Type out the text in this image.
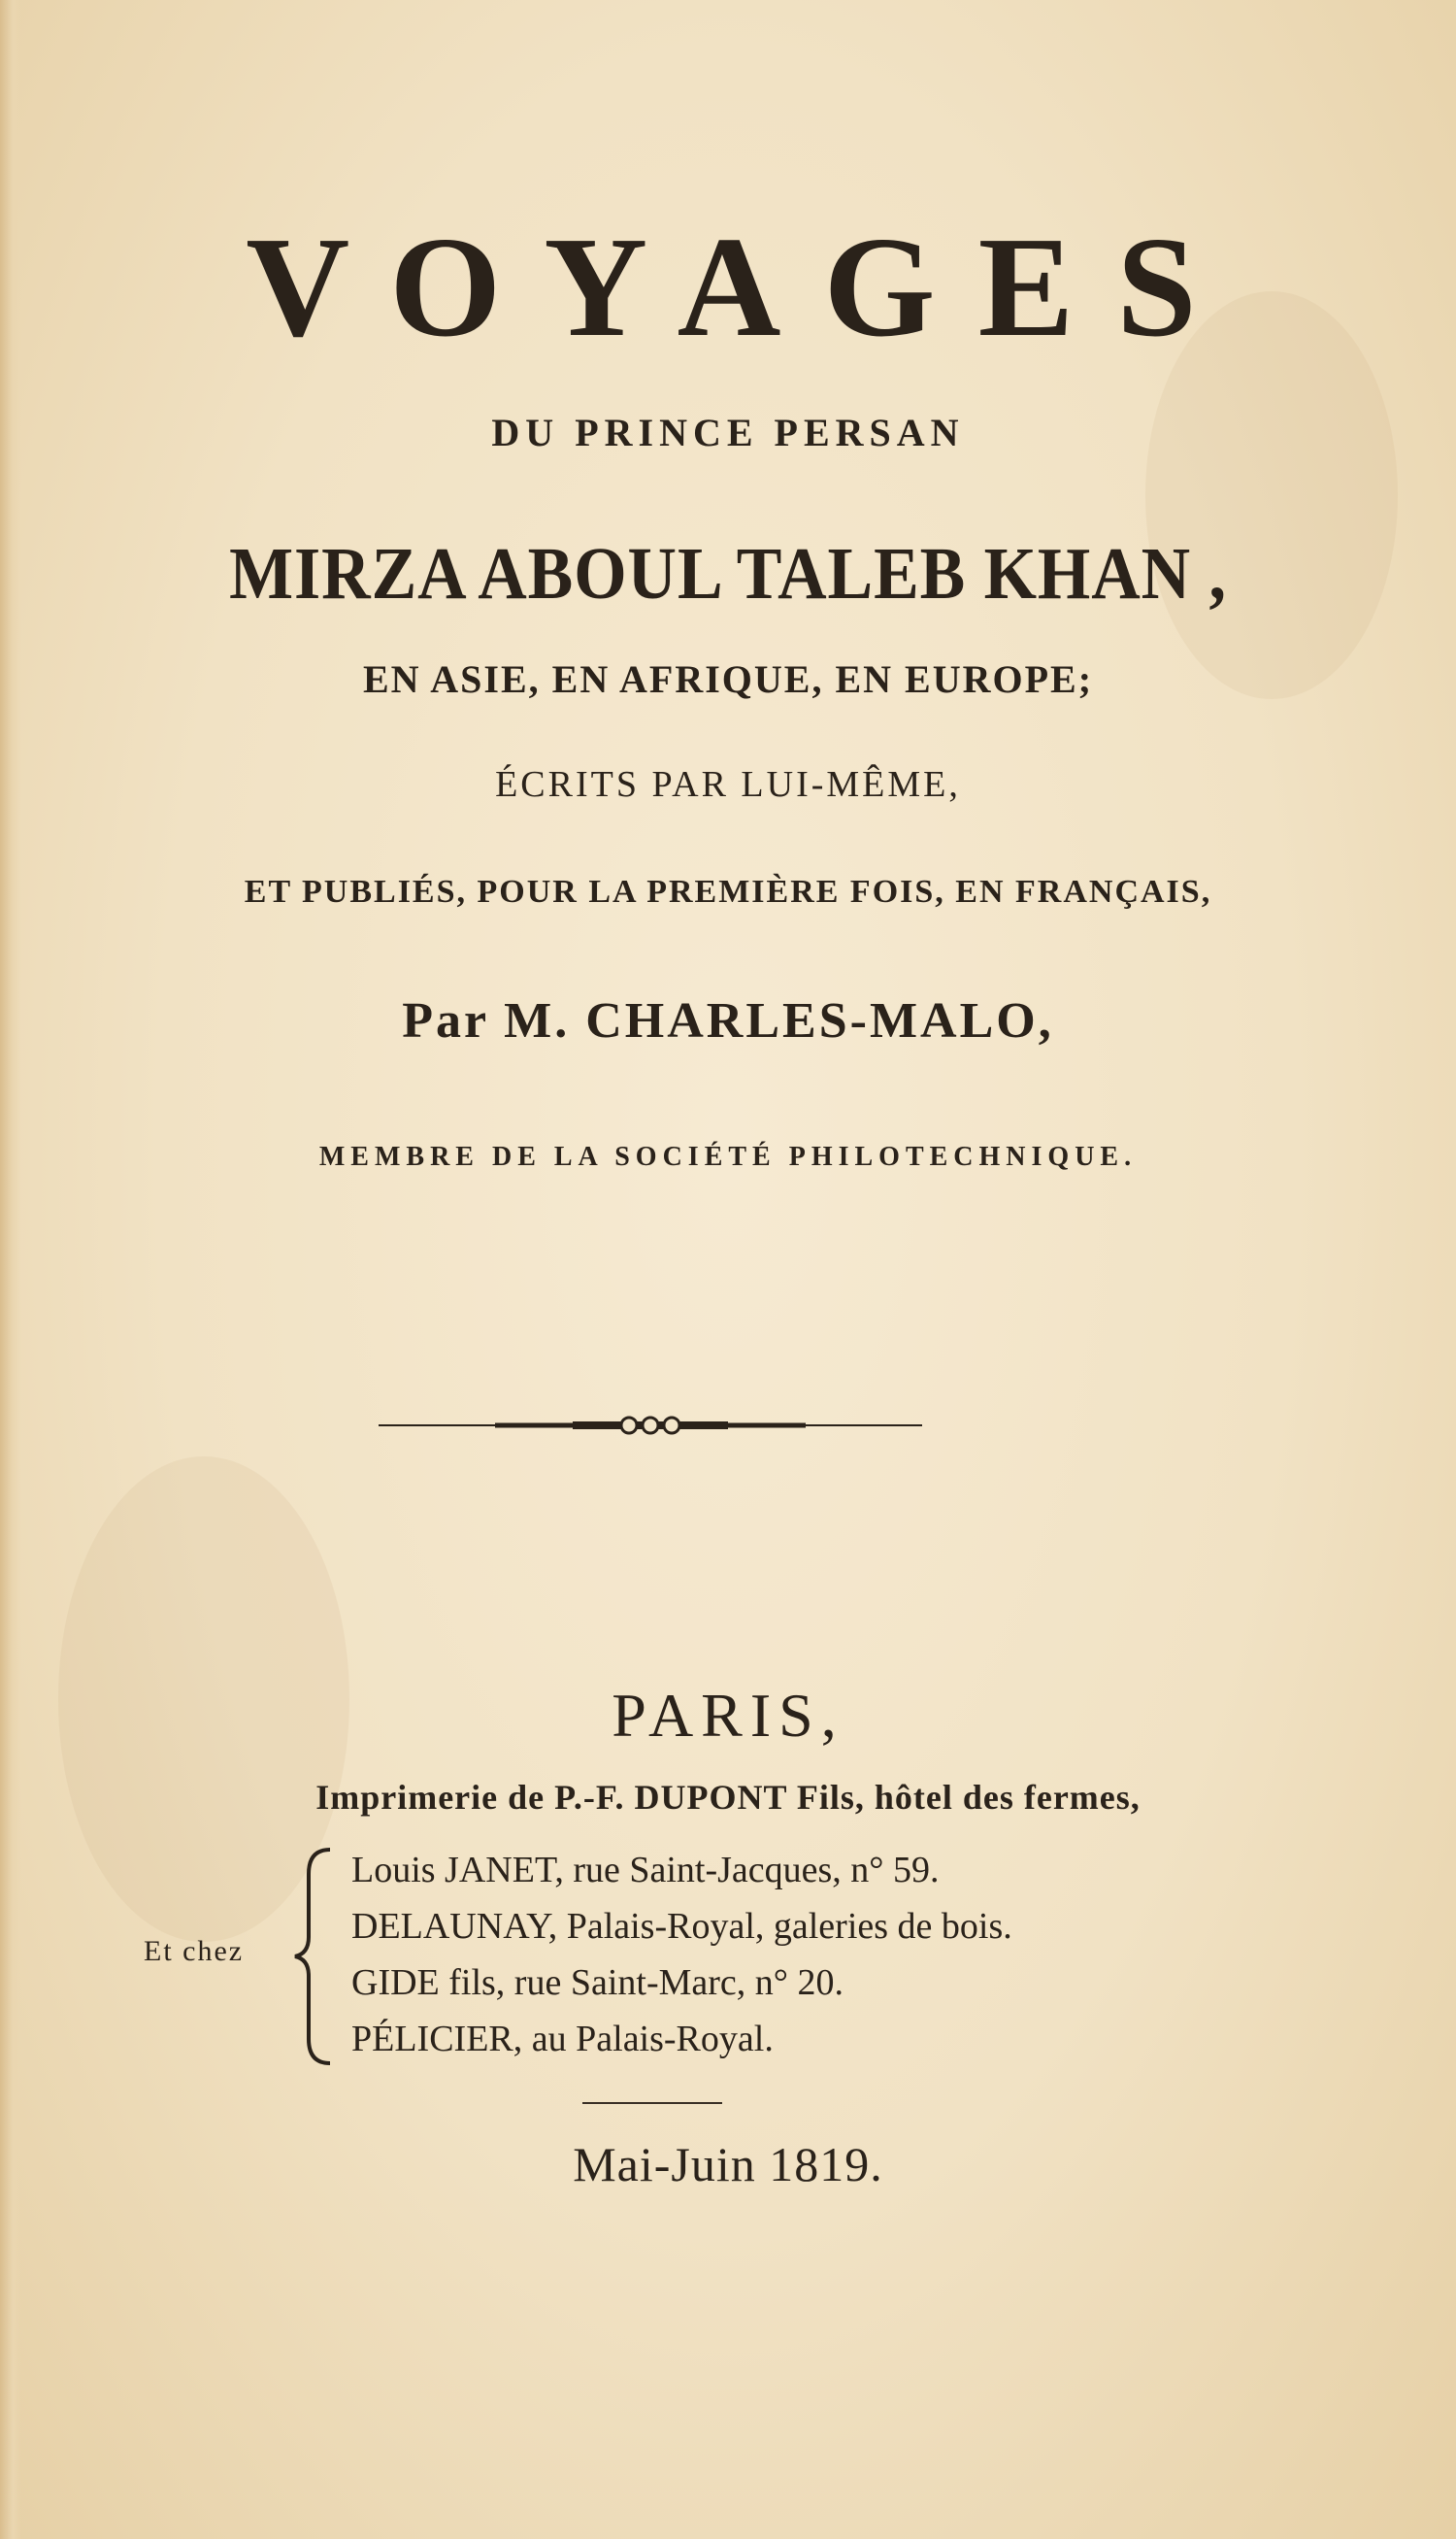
VOYAGES
DU PRINCE PERSAN
MIRZA ABOUL TALEB KHAN ,
EN ASIE, EN AFRIQUE, EN EUROPE;
ÉCRITS PAR LUI-MÊME,
ET PUBLIÉS, POUR LA PREMIÈRE FOIS, EN FRANÇAIS,
Par M. CHARLES-MALO,
MEMBRE DE LA SOCIÉTÉ PHILOTECHNIQUE.
PARIS,
Imprimerie de P.-F. DUPONT Fils, hôtel des fermes,
Et chez
Louis JANET, rue Saint-Jacques, n° 59.
DELAUNAY, Palais-Royal, galeries de bois.
GIDE fils, rue Saint-Marc, n° 20.
PÉLICIER, au Palais-Royal.
Mai-Juin 1819.
